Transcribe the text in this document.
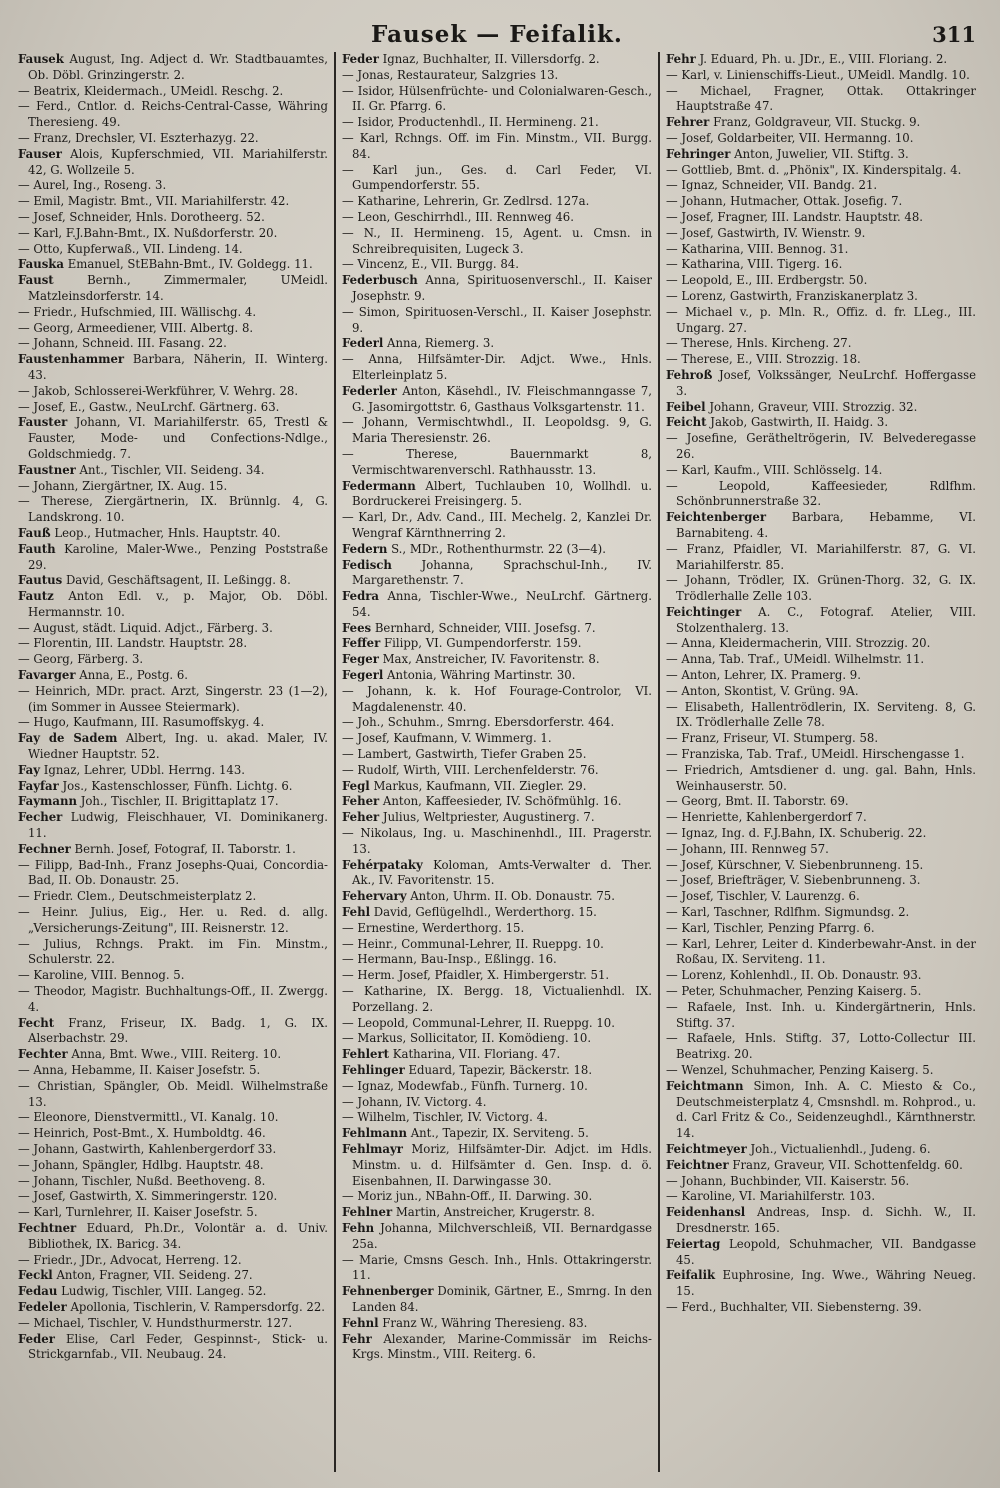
Fausek — Feifalik.	311
Fausek August, Ing. Adject d. Wr. Stadtbauamtes, Ob. Döbl. Grinzingerstr. 2.
— Beatrix, Kleidermach., UMeidl. Reschg. 2.
— Ferd., Cntlor. d. Reichs-Central-Casse, Währing Theresieng. 49.
— Franz, Drechsler, VI. Eszterhazyg. 22.
Fauser Alois, Kupferschmied, VII. Mariahilferstr. 42, G. Wollzeile 5.
— Aurel, Ing., Roseng. 3.
— Emil, Magistr. Bmt., VII. Mariahilferstr. 42.
— Josef, Schneider, Hnls. Dorotheerg. 52.
— Karl, F.J.Bahn-Bmt., IX. Nußdorferstr. 20.
— Otto, Kupferwaß., VII. Lindeng. 14.
Fauska Emanuel, StEBahn-Bmt., IV. Goldegg. 11.
Faust	Bernh., Zimmermaler, UMeidl. Matzleinsdorferstr. 14.
— Friedr., Hufschmied, III. Wällischg. 4.
— Georg, Armeediener, VIII. Albertg. 8.
— Johann, Schneid. III. Fasang. 22.
Faustenhammer Barbara, Näherin, II. Winterg. 43.
— Jakob, Schlosserei-Werkführer, V. Wehrg. 28.
— Josef, E., Gastw., NeuLrchf. Gärtnerg. 63.
Fauster Johann, VI. Mariahilferstr. 65, Trestl & Fauster, Mode- und Confections-Ndlge., Goldschmiedg. 7.
Faustner Ant., Tischler, VII. Seideng. 34.
— Johann, Ziergärtner, IX. Aug. 15.
— Therese, Ziergärtnerin, IX. Brünnlg. 4, G. Landskrong. 10.
Fauß Leop., Hutmacher, Hnls. Hauptstr. 40.
Fauth Karoline, Maler-Wwe., Penzing Poststraße 29.
Fautus David, Geschäftsagent, II. Leßingg. 8.
Fautz Anton Edl. v., p. Major, Ob. Döbl. Hermannstr. 10.
— August, städt. Liquid. Adjct., Färberg. 3.
— Florentin, III. Landstr. Hauptstr. 28.
— Georg, Färberg. 3.
Favarger Anna, E., Postg. 6.
— Heinrich, MDr. pract. Arzt, Singerstr. 23 (1—2), (im Sommer in Aussee Steiermark).
— Hugo, Kaufmann, III. Rasumoffskyg. 4.
Fay de Sadem Albert, Ing. u. akad. Maler, IV. Wiedner Hauptstr. 52.
Fay Ignaz, Lehrer, UDbl. Herrng. 143.
Fayfar Jos., Kastenschlosser, Fünfh. Lichtg. 6.
Faymann Joh., Tischler, II. Brigittaplatz 17.
Fecher Ludwig, Fleischhauer, VI. Dominikanerg. 11.
Fechner Bernh. Josef, Fotograf, II. Taborstr. 1.
— Filipp, Bad-Inh., Franz Josephs-Quai, Concordia-Bad, II. Ob. Donaustr. 25.
— Friedr. Clem., Deutschmeisterplatz 2.
— Heinr. Julius, Eig., Her. u. Red. d. allg. „Versicherungs-Zeitung", III. Reisnerstr. 12.
— Julius, Rchngs. Prakt. im Fin. Minstm., Schulerstr. 22.
— Karoline, VIII. Bennog. 5.
— Theodor, Magistr. Buchhaltungs-Off., II. Zwergg. 4.
Fecht Franz, Friseur, IX. Badg. 1, G. IX. Alserbachstr. 29.
Fechter Anna, Bmt. Wwe., VIII. Reiterg. 10.
— Anna, Hebamme, II. Kaiser Josefstr. 5.
— Christian, Spängler, Ob. Meidl. Wilhelmstraße 13.
— Eleonore, Dienstvermittl., VI. Kanalg. 10.
— Heinrich, Post-Bmt., X. Humboldtg. 46.
— Johann, Gastwirth, Kahlenbergerdorf 33.
— Johann, Spängler, Hdlbg. Hauptstr. 48.
— Johann, Tischler, Nußd. Beethoveng. 8.
— Josef, Gastwirth, X. Simmeringerstr. 120.
— Karl, Turnlehrer, II. Kaiser Josefstr. 5.
Fechtner Eduard, Ph.Dr., Volontär a. d. Univ. Bibliothek, IX. Baricg. 34.
— Friedr., JDr., Advocat, Herreng. 12.
Feckl Anton, Fragner, VII. Seideng. 27.
Fedau Ludwig, Tischler, VIII. Langeg. 52.
Fedeler Apollonia, Tischlerin, V. Rampersdorfg. 22.
— Michael, Tischler, V. Hundsthurmerstr. 127.
Feder Elise, Carl Feder, Gespinnst-, Stick- u. Strickgarnfab., VII. Neubaug. 24.
Feder Ignaz, Buchhalter, II. Villersdorfg. 2.
— Jonas, Restaurateur, Salzgries 13.
— Isidor, Hülsenfrüchte- und Colonialwaren-Gesch., II. Gr. Pfarrg. 6.
— Isidor, Productenhdl., II. Hermineng. 21.
— Karl, Rchngs. Off. im Fin. Minstm., VII. Burgg. 84.
— Karl jun., Ges. d. Carl Feder, VI. Gumpendorferstr. 55.
— Katharine, Lehrerin, Gr. Zedlrsd. 127a.
— Leon, Geschirrhdl., III. Rennweg 46.
— N., II. Hermineng. 15, Agent. u. Cmsn. in Schreibrequisiten, Lugeck 3.
— Vincenz, E., VII. Burgg. 84.
Federbusch Anna, Spirituosenverschl., II. Kaiser Josephstr. 9.
— Simon, Spirituosen-Verschl., II. Kaiser Josephstr. 9.
Federl Anna, Riemerg. 3.
— Anna, Hilfsämter-Dir. Adjct. Wwe., Hnls. Elterleinplatz 5.
Federler Anton, Käsehdl., IV. Fleischmanngasse 7, G. Jasomirgottstr. 6, Gasthaus Volksgartenstr. 11.
— Johann, Vermischtwhdl., II. Leopoldsg. 9, G. Maria Theresienstr. 26.
— Therese, Bauernmarkt 8, Vermischtwarenverschl. Rathhausstr. 13.
Federmann Albert, Tuchlauben 10, Wollhdl. u. Bordruckerei Freisingerg. 5.
— Karl, Dr., Adv. Cand., III. Mechelg. 2, Kanzlei Dr. Wengraf Kärnthnerring 2.
Federn S., MDr., Rothenthurmstr. 22 (3—4).
Fedisch	Johanna, Sprachschul-Inh., IV. Margarethenstr. 7.
Fedra Anna, Tischler-Wwe., NeuLrchf. Gärtnerg. 54.
Fees Bernhard, Schneider, VIII. Josefsg. 7.
Feffer Filipp, VI. Gumpendorferstr. 159.
Feger Max, Anstreicher, IV. Favoritenstr. 8.
Fegerl Antonia, Währing Martinstr. 30.
— Johann, k. k. Hof Fourage-Controlor, VI. Magdalenenstr. 40.
— Joh., Schuhm., Smrng. Ebersdorferstr. 464.
— Josef, Kaufmann, V. Wimmerg. 1.
— Lambert, Gastwirth, Tiefer Graben 25.
— Rudolf, Wirth, VIII. Lerchenfelderstr. 76.
Fegl Markus, Kaufmann, VII. Ziegler. 29.
Feher Anton, Kaffeesieder, IV. Schöfmühlg. 16.
Feher Julius, Weltpriester, Augustinerg. 7.
— Nikolaus, Ing. u. Maschinenhdl., III. Pragerstr. 13.
Fehérpataky Koloman, Amts-Verwalter d. Ther. Ak., IV. Favoritenstr. 15.
Fehervary Anton, Uhrm. II. Ob. Donaustr. 75.
Fehl David, Geflügelhdl., Werderthorg. 15.
— Ernestine, Werderthorg. 15.
— Heinr., Communal-Lehrer, II. Rueppg. 10.
— Hermann, Bau-Insp., Eßlingg. 16.
— Herm. Josef, Pfaidler, X. Himbergerstr. 51.
— Katharine, IX. Bergg. 18, Victualienhdl. IX. Porzellang. 2.
— Leopold, Communal-Lehrer, II. Rueppg. 10.
— Markus, Sollicitator, II. Komödieng. 10.
Fehlert Katharina, VII. Floriang. 47.
Fehlinger Eduard, Tapezir, Bäckerstr. 18.
— Ignaz, Modewfab., Fünfh. Turnerg. 10.
— Johann, IV. Victorg. 4.
— Wilhelm, Tischler, IV. Victorg. 4.
Fehlmann Ant., Tapezir, IX. Serviteng. 5.
Fehlmayr Moriz, Hilfsämter-Dir. Adjct. im Hdls. Minstm. u. d. Hilfsämter d. Gen. Insp. d. ö. Eisenbahnen, II. Darwingasse 30.
— Moriz jun., NBahn-Off., II. Darwing. 30.
Fehlner Martin, Anstreicher, Krugerstr. 8.
Fehn Johanna, Milchverschleiß, VII. Bernardgasse 25a.
— Marie, Cmsns Gesch. Inh., Hnls. Ottakringerstr. 11.
Fehnenberger Dominik, Gärtner, E., Smrng. In den Landen 84.
Fehnl Franz W., Währing Theresieng. 83.
Fehr Alexander, Marine-Commissär im Reichs-Krgs. Minstm., VIII. Reiterg. 6.
Fehr J. Eduard, Ph. u. JDr., E., VIII. Floriang. 2.
— Karl, v. Linienschiffs-Lieut., UMeidl. Mandlg. 10.
— Michael, Fragner, Ottak. Ottakringer Hauptstraße 47.
Fehrer Franz, Goldgraveur, VII. Stuckg. 9.
— Josef, Goldarbeiter, VII. Hermanng. 10.
Fehringer Anton, Juwelier, VII. Stiftg. 3.
— Gottlieb, Bmt. d. „Phönix", IX. Kinderspitalg. 4.
— Ignaz, Schneider, VII. Bandg. 21.
— Johann, Hutmacher, Ottak. Josefig. 7.
— Josef, Fragner, III. Landstr. Hauptstr. 48.
— Josef, Gastwirth, IV. Wienstr. 9.
— Katharina, VIII. Bennog. 31.
— Katharina, VIII. Tigerg. 16.
— Leopold, E., III. Erdbergstr. 50.
— Lorenz, Gastwirth, Franziskanerplatz 3.
— Michael v., p. Mln. R., Offiz. d. fr. LLeg., III. Ungarg. 27.
— Therese, Hnls. Kircheng. 27.
— Therese, E., VIII. Strozzig. 18.
Fehroß Josef, Volkssänger, NeuLrchf. Hoffergasse 3.
Feibel Johann, Graveur, VIII. Strozzig. 32.
Feicht Jakob, Gastwirth, II. Haidg. 3.
— Josefine, Gerätheltrögerin, IV. Belvederegasse 26.
— Karl, Kaufm., VIII. Schlösselg. 14.
— Leopold, Kaffeesieder, Rdlfhm. Schönbrunnerstraße 32.
Feichtenberger Barbara, Hebamme, VI. Barnabiteng. 4.
— Franz, Pfaidler, VI. Mariahilferstr. 87, G. VI. Mariahilferstr. 85.
— Johann, Trödler, IX. Grünen-Thorg. 32, G. IX. Trödlerhalle Zelle 103.
Feichtinger A. C., Fotograf. Atelier, VIII. Stolzenthalerg. 13.
— Anna, Kleidermacherin, VIII. Strozzig. 20.
— Anna, Tab. Traf., UMeidl. Wilhelmstr. 11.
— Anton, Lehrer, IX. Pramerg. 9.
— Anton, Skontist, V. Grüng. 9A.
— Elisabeth, Hallentrödlerin, IX. Serviteng. 8, G. IX. Trödlerhalle Zelle 78.
— Franz, Friseur, VI. Stumperg. 58.
— Franziska, Tab. Traf., UMeidl. Hirschengasse 1.
— Friedrich, Amtsdiener d. ung. gal. Bahn, Hnls. Weinhauserstr. 50.
— Georg, Bmt. II. Taborstr. 69.
— Henriette, Kahlenbergerdorf 7.
— Ignaz, Ing. d. F.J.Bahn, IX. Schuberig. 22.
— Johann, III. Rennweg 57.
— Josef, Kürschner, V. Siebenbrunneng. 15.
— Josef, Briefträger, V. Siebenbrunneng. 3.
— Josef, Tischler, V. Laurenzg. 6.
— Karl, Taschner, Rdlfhm. Sigmundsg. 2.
— Karl, Tischler, Penzing Pfarrg. 6.
— Karl, Lehrer, Leiter d. Kinderbewahr-Anst. in der Roßau, IX. Serviteng. 11.
— Lorenz, Kohlenhdl., II. Ob. Donaustr. 93.
— Peter, Schuhmacher, Penzing Kaiserg. 5.
— Rafaele, Inst. Inh. u. Kindergärtnerin, Hnls. Stiftg. 37.
— Rafaele, Hnls. Stiftg. 37, Lotto-Collectur III. Beatrixg. 20.
— Wenzel, Schuhmacher, Penzing Kaiserg. 5.
Feichtmann Simon, Inh. A. C. Miesto & Co., Deutschmeisterplatz 4, Cmsnshdl. m. Rohprod., u. d. Carl Fritz & Co., Seidenzeughdl., Kärnthnerstr. 14.
Feichtmeyer Joh., Victualienhdl., Judeng. 6.
Feichtner Franz, Graveur, VII. Schottenfeldg. 60.
— Johann, Buchbinder, VII. Kaiserstr. 56.
— Karoline, VI. Mariahilferstr. 103.
Feidenhansl Andreas, Insp. d. Sichh. W., II. Dresdnerstr. 165.
Feiertag Leopold, Schuhmacher, VII. Bandgasse 45.
Feifalik Euphrosine, Ing. Wwe., Währing Neueg. 15.
— Ferd., Buchhalter, VII. Siebensterng. 39.
